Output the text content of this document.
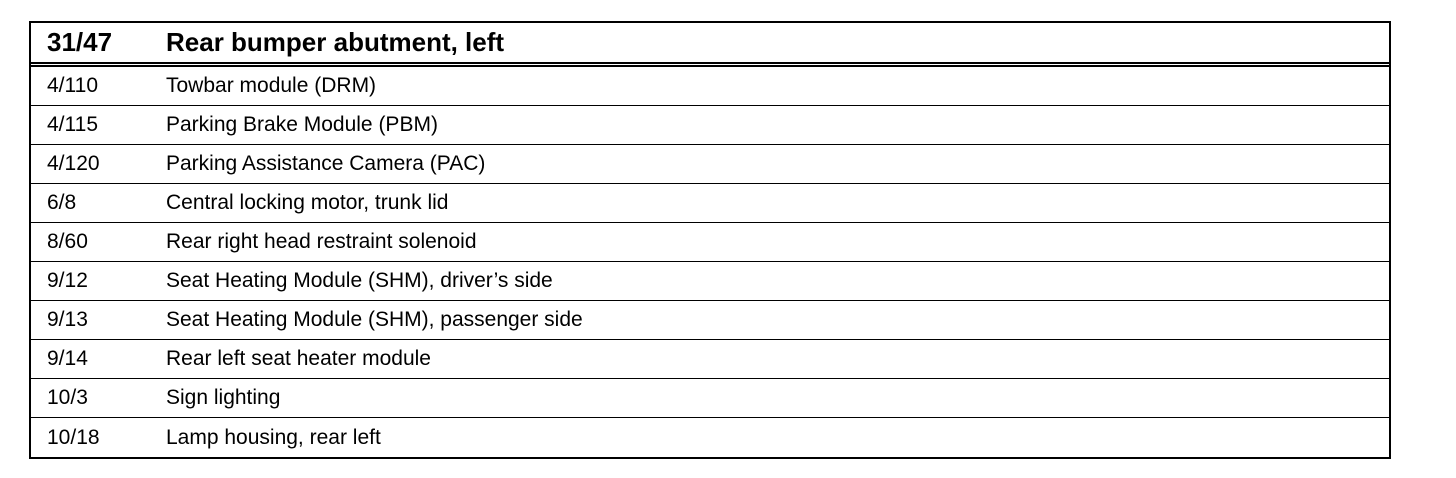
31/47	Rear bumper abutment, left
4/110	Towbar module (DRM)
4/115	Parking Brake Module (PBM)
4/120	Parking Assistance Camera (PAC)
6/8	Central locking motor, trunk lid
8/60	Rear right head restraint solenoid
9/12	Seat Heating Module (SHM), driver’s side
9/13	Seat Heating Module (SHM), passenger side
9/14	Rear left seat heater module
10/3	Sign lighting
10/18	Lamp housing, rear left
